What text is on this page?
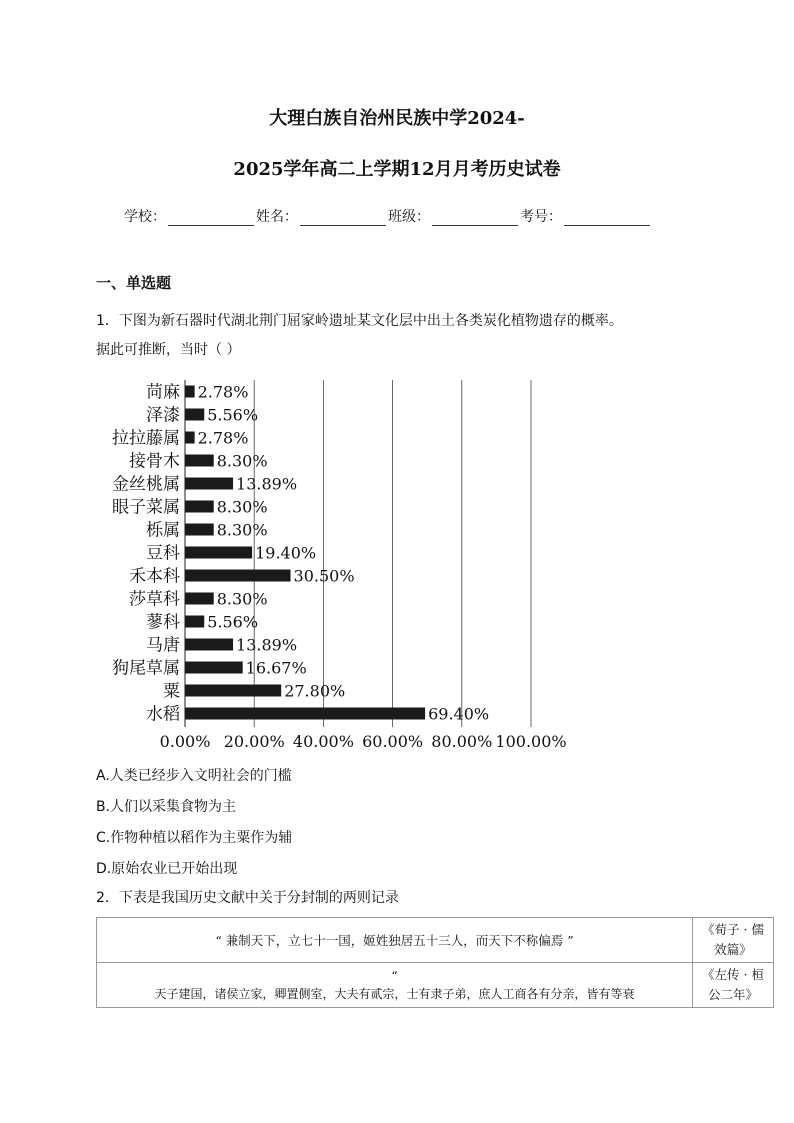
大理白族自治州民族中学2024-
2025学年高二上学期12月月考历史试卷
学校：	姓名：	班级：	考号：
一、单选题
1．下图为新石器时代湖北荆门屈家岭遗址某文化层中出土各类炭化植物遗存的概率。
据此可推断，当时（ ）
苘麻 2.78%
泽漆 5.56%
拉拉藤属 2.78%
接骨木 8.30%
金丝桃属	13.89%
眼子菜属 8.30%
栎属 8.30%
豆科	19.40%
禾本科	30.50%
莎草科 8.30%
蓼科 5.56%
马唐	13.89%
狗尾草属	16.67%
粟	27.80%
水稻	69.40%
0.00% 20.00% 40.00% 60.00% 80.00% 100.00%
A.人类已经步入文明社会的门槛
B.人们以采集食物为主
C.作物种植以稻作为主粟作为辅
D.原始农业已开始出现
2．下表是我国历史文献中关于分封制的两则记录
“ 兼制天下，立七十一国，姬姓独居五十三人，而天下不称偏焉 ”	《荀子 · 儒效篇》

“
天子建国，诸侯立家，卿置侧室，大夫有贰宗，士有隶子弟，庶人工商各有分亲，皆有等衰	《左传 · 桓公二年》
